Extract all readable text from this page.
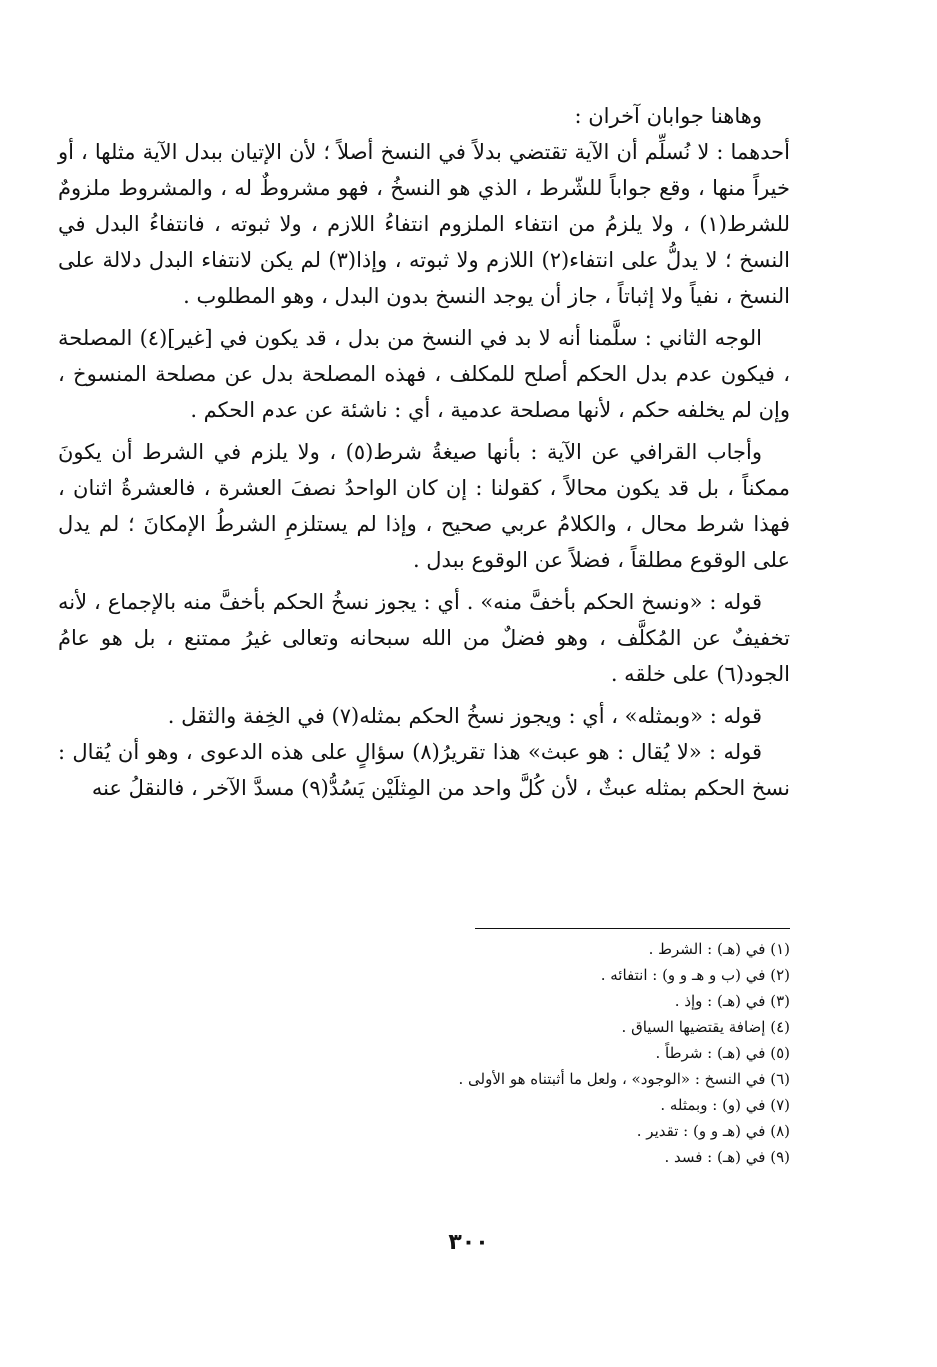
وهاهنا جوابان آخران :

أحدهما : لا نُسلِّم أن الآية تقتضي بدلاً في النسخ أصلاً ؛ لأن الإتيان ببدل الآية مثلها ، أو خيراً منها ، وقع جواباً للشّرط ، الذي هو النسخُ ، فهو مشروطٌ له ، والمشروط ملزومٌ للشرط(١) ، ولا يلزمُ من انتفاء الملزوم انتفاءُ اللازم ، ولا ثبوته ، فانتفاءُ البدل في النسخ ؛ لا يدلُّ على انتفاء(٢) اللازم ولا ثبوته ، وإذا(٣) لم يكن لانتفاء البدل دلالة على النسخ ، نفياً ولا إثباتاً ، جاز أن يوجد النسخ بدون البدل ، وهو المطلوب .

الوجه الثاني : سلَّمنا أنه لا بد في النسخ من بدل ، قد يكون في [غير](٤) المصلحة ، فيكون عدم بدل الحكم أصلح للمكلف ، فهذه المصلحة بدل عن مصلحة المنسوخ ، وإن لم يخلفه حكم ، لأنها مصلحة عدمية ، أي : ناشئة عن عدم الحكم .

وأجاب القرافي عن الآية : بأنها صيغةُ شرط(٥) ، ولا يلزم في الشرط أن يكونَ ممكناً ، بل قد يكون محالاً ، كقولنا : إن كان الواحدُ نصفَ العشرة ، فالعشرةُ اثنان ، فهذا شرط محال ، والكلامُ عربي صحيح ، وإذا لم يستلزمِ الشرطُ الإمكانَ ؛ لم يدل على الوقوع مطلقاً ، فضلاً عن الوقوع ببدل .

قوله : «ونسخ الحكم بأخفَّ منه» . أي : يجوز نسخُ الحكم بأخفَّ منه بالإجماع ، لأنه تخفيفٌ عن المُكلَّف ، وهو فضلٌ من الله سبحانه وتعالى غيرُ ممتنع ، بل هو عامُ الجود(٦) على خلقه .

قوله : «وبمثله» ، أي : ويجوز نسخُ الحكم بمثله(٧) في الخِفة والثقل .

قوله : «لا يُقال : هو عبث» هذا تقريرُ(٨) سؤالٍ على هذه الدعوى ، وهو أن يُقال : نسخ الحكم بمثله عبثٌ ، لأن كُلَّ واحد من المِثلَيْن يَسُدُّ(٩) مسدَّ الآخر ، فالنقلُ عنه

(١) في (هـ) : الشرط .
(٢) في (ب و هـ و و) : انتفائه .
(٣) في (هـ) : وإذ .
(٤) إضافة يقتضيها السياق .
(٥) في (هـ) : شرطاً .
(٦) في النسخ : «الوجود» ، ولعل ما أثبتناه هو الأولى .
(٧) في (و) : وبمثله .
(٨) في (هـ و و) : تقدير .
(٩) في (هـ) : فسد .
٣٠٠
